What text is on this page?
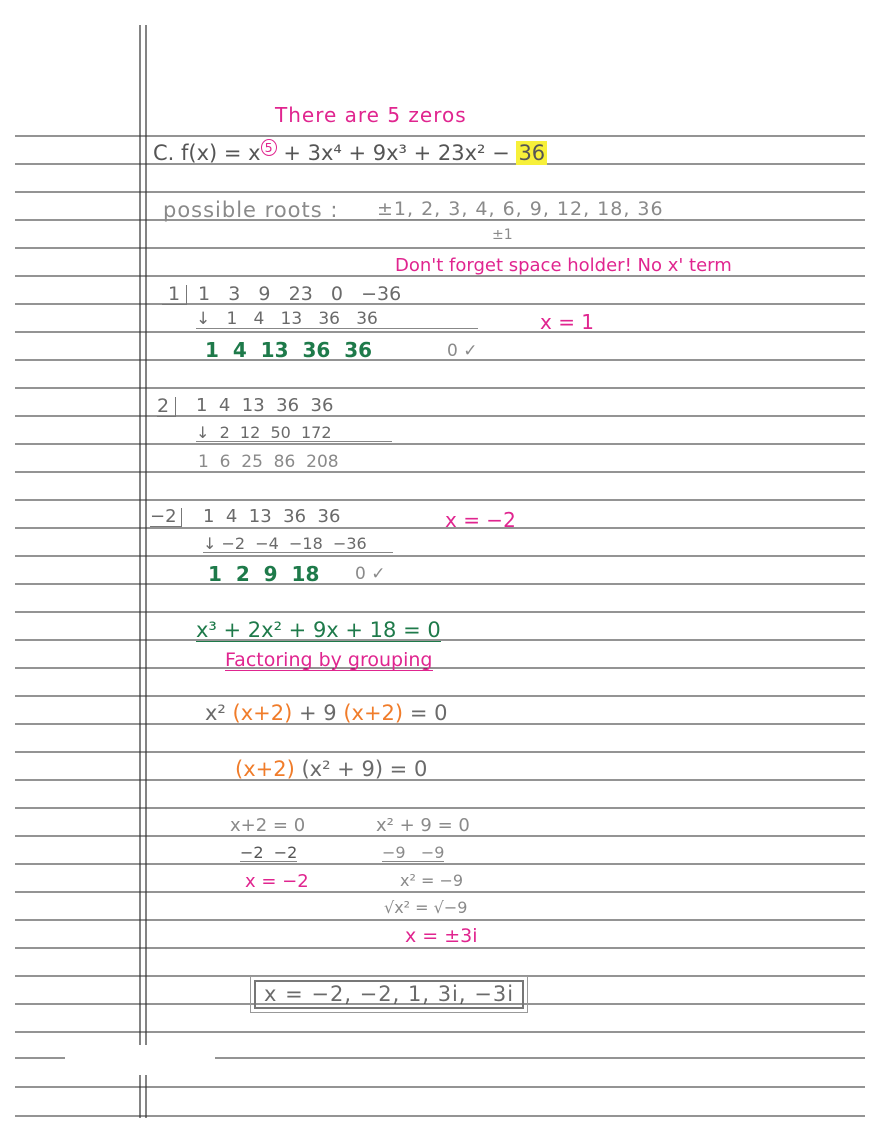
There are 5 zeros
C. f(x) = x $^5$ + 3x⁴ + 9x³ + 23x² − 36
possible roots : ±1, 2, 3, 4, 6, 9, 12, 18, 36
±1
Don't forget space holder! No x' term
1 1   3   9   23   0   −36
↓   1   4   13   36   36
1  4  13  36  36	0 ✓
x = 1
2	1  4  13  36  36
↓  2  12  50  172
1  6  25  86  208
−2 1  4  13  36  36
↓ −2  −4  −18  −36
1  2  9  18 0 ✓
x = −2
x³ + 2x² + 9x + 18 = 0
Factoring by grouping
x² (x+2) + 9 (x+2) = 0
(x+2) (x² + 9) = 0
x+2 = 0
−2  −2
x = −2
x² + 9 = 0
−9   −9
x² = −9
√x² = √−9
x = ±3i
x = −2, −2, 1, 3i, −3i
